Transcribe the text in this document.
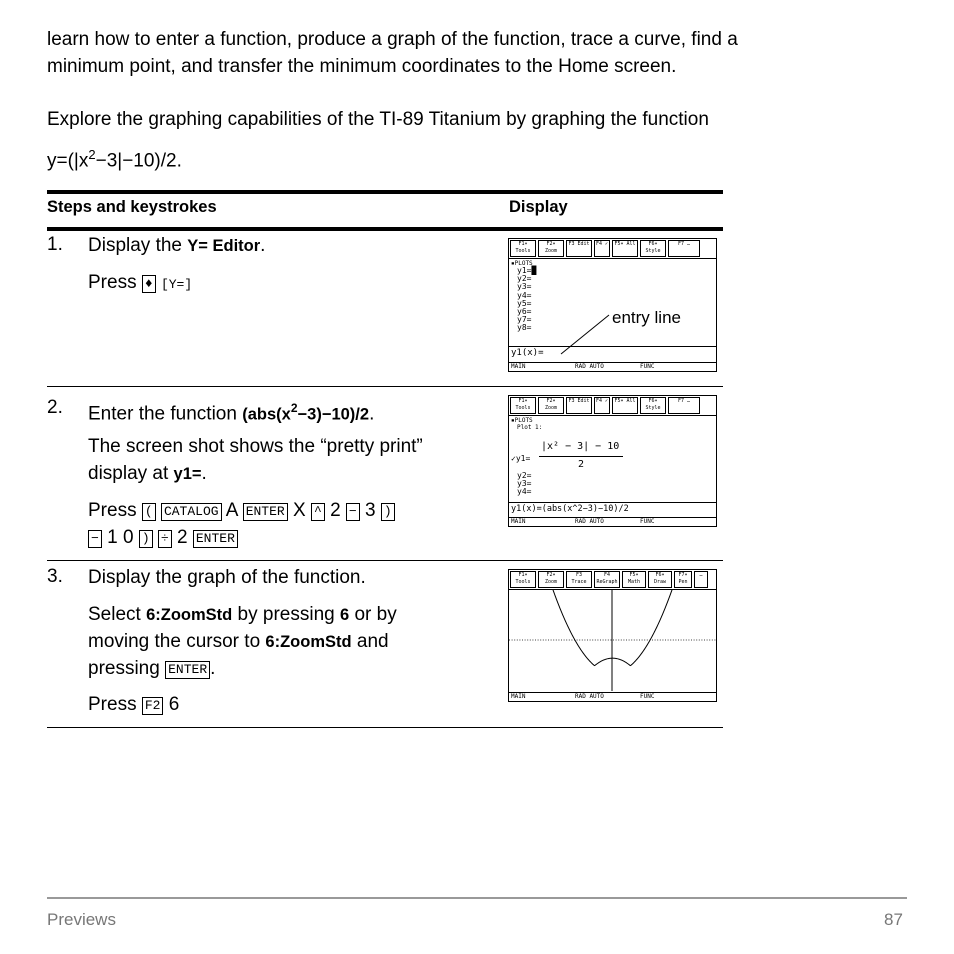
learn how to enter a function, produce a graph of the function, trace a curve, find a
minimum point, and transfer the minimum coordinates to the Home screen.
Explore the graphing capabilities of the TI-89 Titanium by graphing the function
$y=(|x^2-3|-10)/2$.
Steps and keystrokes	Display
1. Display the Y= Editor.
Press ♦ [Y=]
F1▾ Tools
F2▾ Zoom
F3 Edit	F4 ✓	F5▾ All	F6▾ Style
F7 …
▪PLOTS
y1=█
y2=
y3=
y4=
y5=
y6=
y7=
y8=
y1(x)=
entry line
MAIN	RAD AUTO	FUNC
2. Enter the function $(abs(x^2-3)-10)/2$.
The screen shot shows the “pretty print”
display at y1=.
Press ( CATALOG A ENTER X ^ 2 − 3 )
− 1 0 ) ÷ 2 ENTER
F1▾ Tools
F2▾ Zoom
F3 Edit	F4 ✓	F5▾ All	F6▾ Style
F7 …
▪PLOTS
Plot 1:
✓y1=
|x² − 3| − 10
2
y2=
y3=
y4=
y1(x)=(abs(x^2−3)−10)/2
MAIN	RAD AUTO	FUNC
3. Display the graph of the function.
Select 6:ZoomStd by pressing 6 or by
moving the cursor to 6:ZoomStd and
pressing ENTER .
Press F2 6
F1▾ Tools
F2▾ Zoom
F3 Trace
F4 ReGraph
F5▾ Math
F6▾ Draw
F7▾ Pen
…
MAIN	RAD AUTO	FUNC
Previews	87
